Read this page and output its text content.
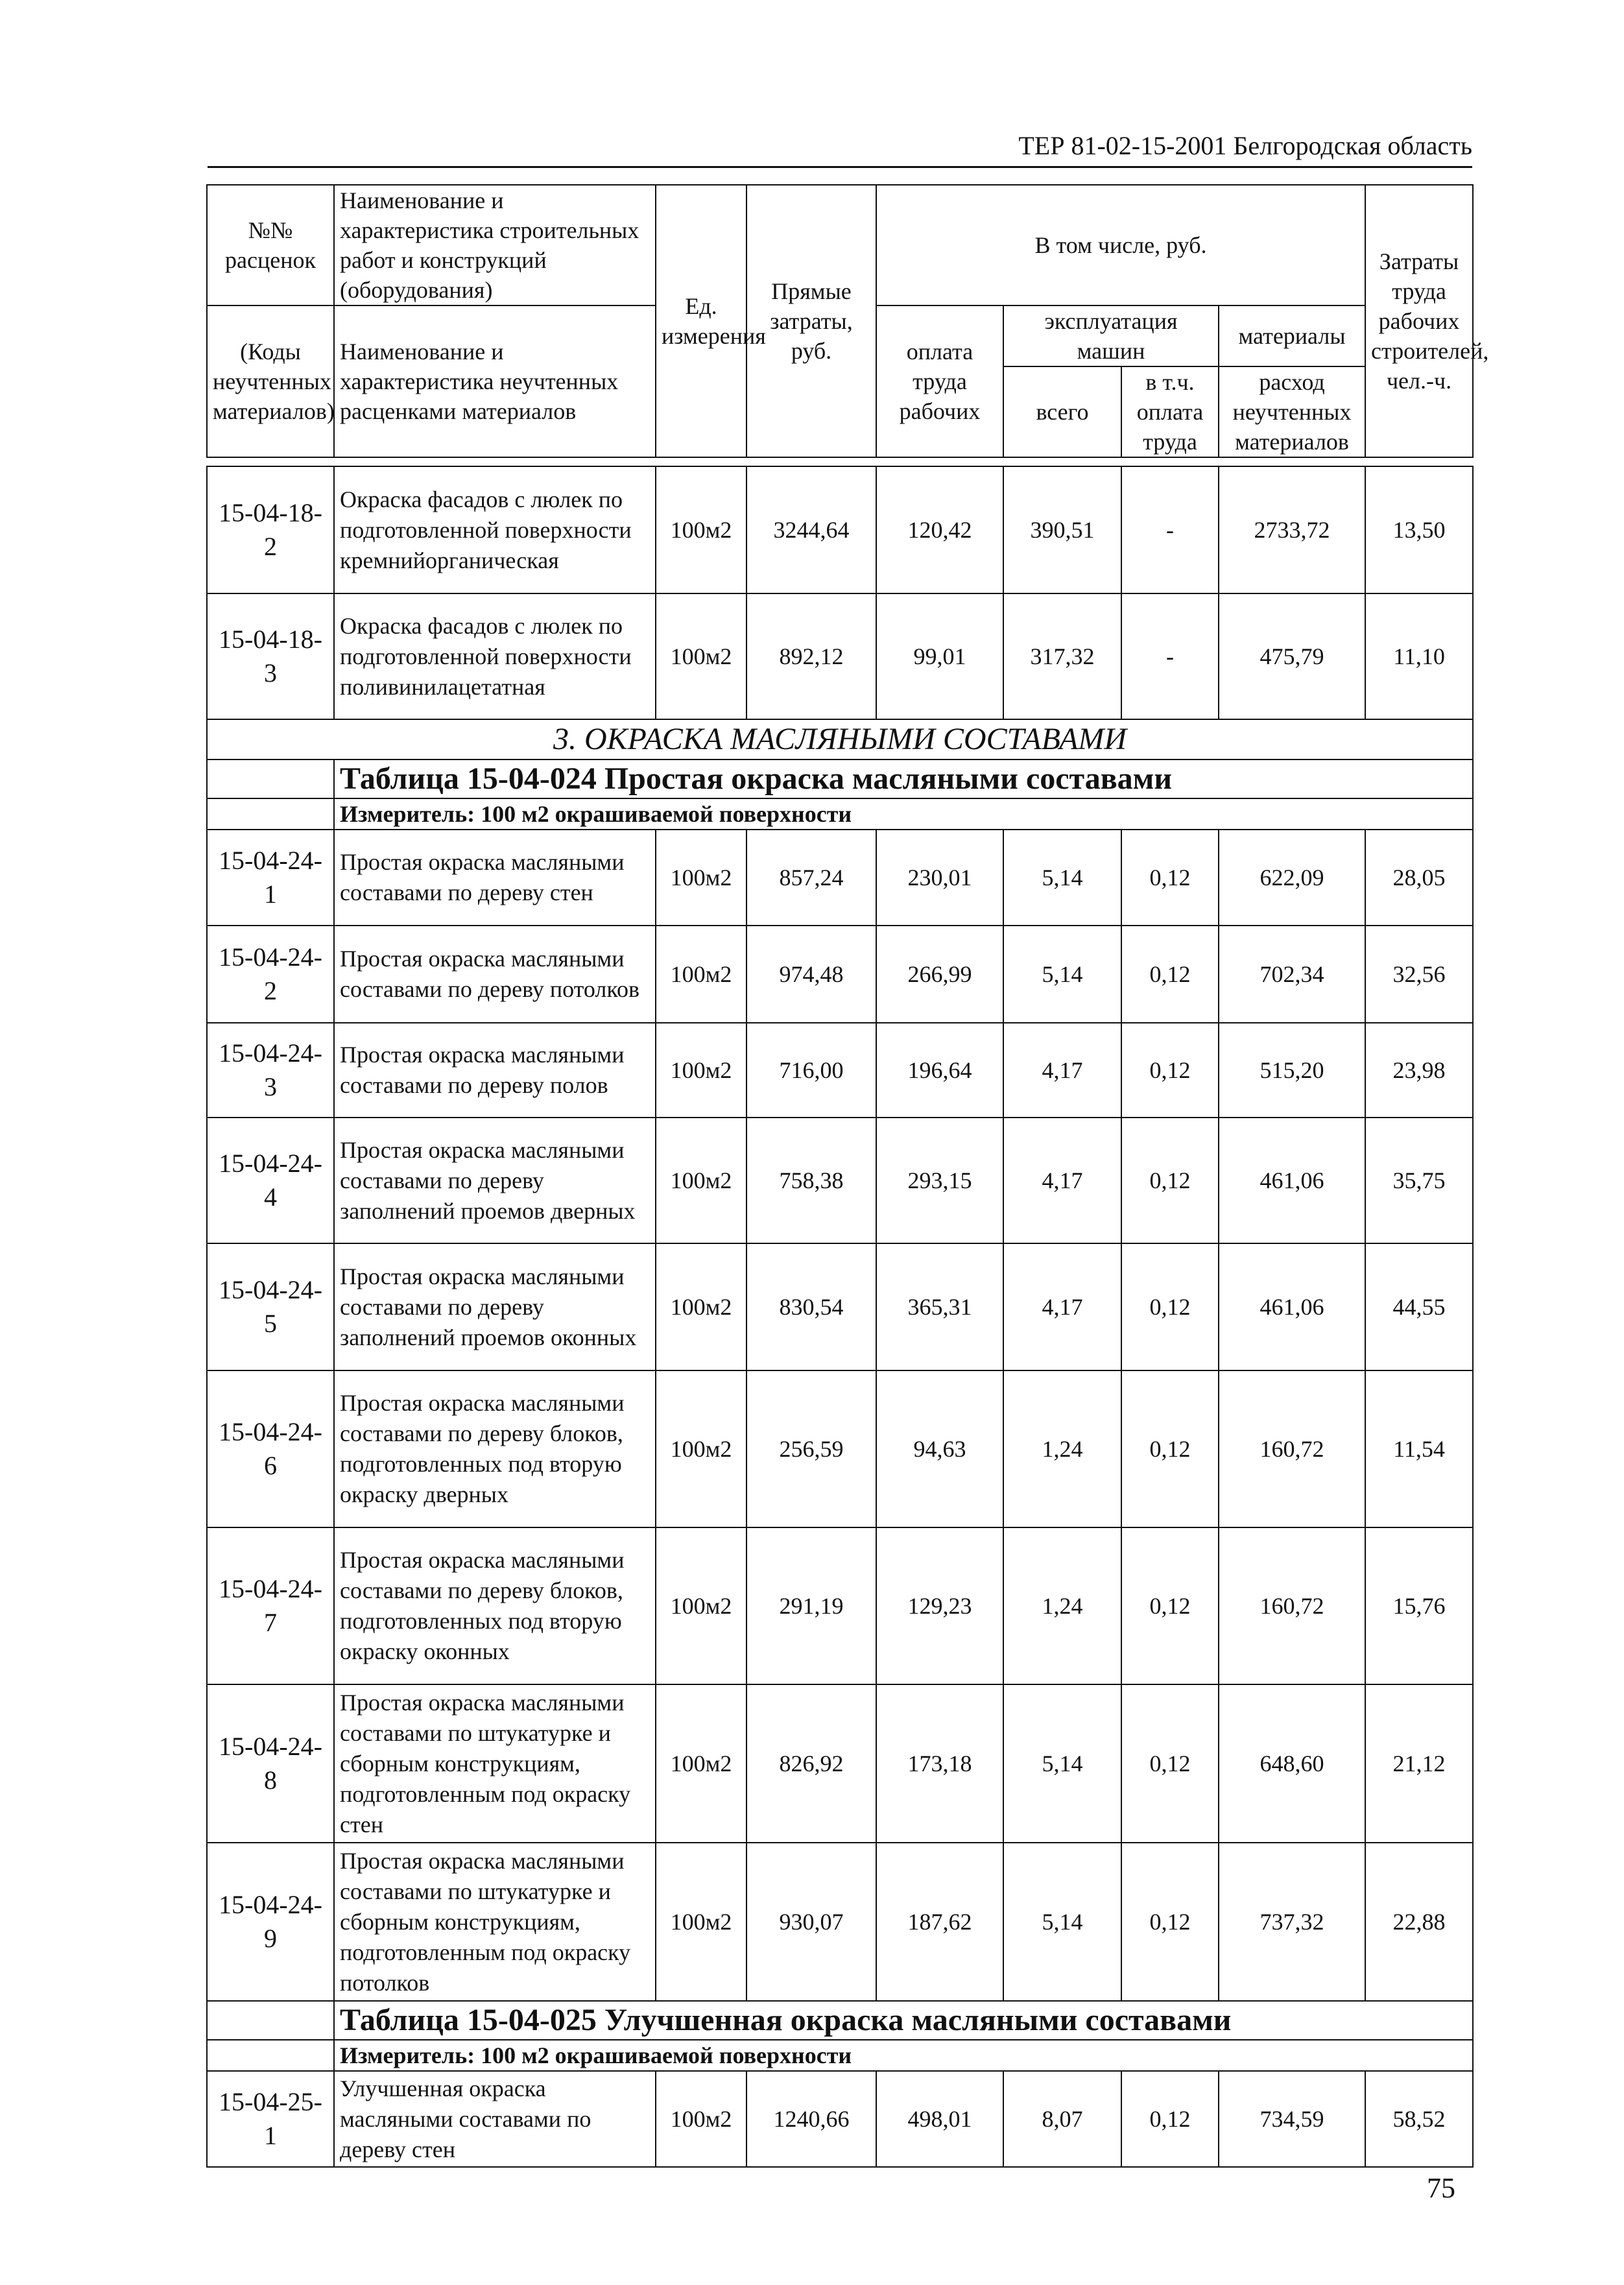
ТЕР 81-02-15-2001 Белгородская область
№№ расценок	Наименование и характеристика строительных работ и конструкций (оборудования)	Ед. измерения	Прямые затраты, руб.	В том числе, руб.				Затраты труда рабочих строителей, чел.-ч.
(Коды неучтенных материалов)	Наименование и характеристика неучтенных расценками материалов			оплата труда рабочих	эксплуатация машин		материалы	
					всего	в т.ч. оплата труда	расход неучтенных материалов	

15-04-18-2	Окраска фасадов с люлек по подготовленной поверхности кремнийорганическая	100м2	3244,64	120,42	390,51	-	2733,72	13,50
15-04-18-3	Окраска фасадов с люлек по подготовленной поверхности поливинилацетатная	100м2	892,12	99,01	317,32	-	475,79	11,10
3. ОКРАСКА МАСЛЯНЫМИ СОСТАВАМИ								
	Таблица 15-04-024 Простая окраска масляными составами							
	Измеритель: 100 м2 окрашиваемой поверхности							
15-04-24-1	Простая окраска масляными составами по дереву стен	100м2	857,24	230,01	5,14	0,12	622,09	28,05
15-04-24-2	Простая окраска масляными составами по дереву потолков	100м2	974,48	266,99	5,14	0,12	702,34	32,56
15-04-24-3	Простая окраска масляными составами по дереву полов	100м2	716,00	196,64	4,17	0,12	515,20	23,98
15-04-24-4	Простая окраска масляными составами по дереву заполнений проемов дверных	100м2	758,38	293,15	4,17	0,12	461,06	35,75
15-04-24-5	Простая окраска масляными составами по дереву заполнений проемов оконных	100м2	830,54	365,31	4,17	0,12	461,06	44,55
15-04-24-6	Простая окраска масляными составами по дереву блоков, подготовленных под вторую окраску дверных	100м2	256,59	94,63	1,24	0,12	160,72	11,54
15-04-24-7	Простая окраска масляными составами по дереву блоков, подготовленных под вторую окраску оконных	100м2	291,19	129,23	1,24	0,12	160,72	15,76
15-04-24-8	Простая окраска масляными составами по штукатурке и сборным конструкциям, подготовленным под окраску стен	100м2	826,92	173,18	5,14	0,12	648,60	21,12
15-04-24-9	Простая окраска масляными составами по штукатурке и сборным конструкциям, подготовленным под окраску потолков	100м2	930,07	187,62	5,14	0,12	737,32	22,88
	Таблица 15-04-025 Улучшенная окраска масляными составами							
	Измеритель: 100 м2 окрашиваемой поверхности							
15-04-25-1	Улучшенная окраска масляными составами по дереву стен	100м2	1240,66	498,01	8,07	0,12	734,59	58,52
75
